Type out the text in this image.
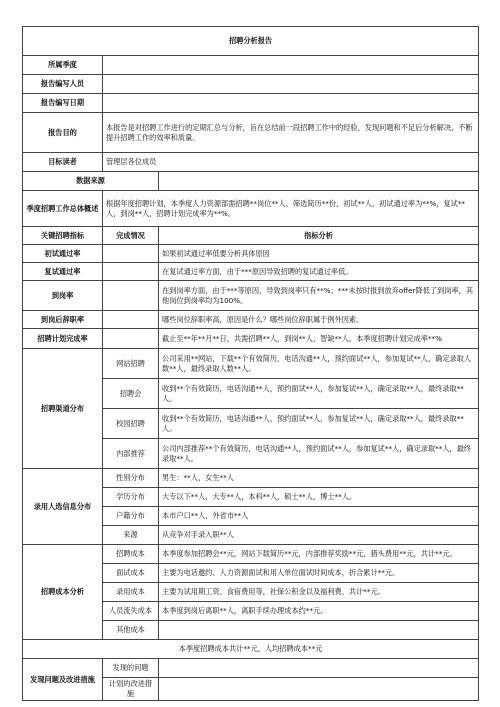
招聘分析报告		
所属季度		
报告编写人员		
报告编写日期		
报告目的	本报告是对招聘工作进行的定期汇总与分析，旨在总结前一段招聘工作中的经验，发现问题和不足后分析解决，不断提升招聘工作的效率和质量。	
目标读者	管理层各位成员	
数据来源		
季度招聘工作总体概述	根据年度招聘计划，本季度人力资源部需招聘**岗位**人，筛选简历**份，初试**人，初试通过率为**%，复试**人，到岗**人，招聘计划完成率为**%。	
关键招聘指标	完成情况	指标分析
初试通过率		如果初试通过率低要分析具体原因
复试通过率		在复试通过率方面，由于***原因导致招聘的复试通过率低。
到岗率		在到岗率方面，由于***等原因，导致到岗率只有**%；***未按时报到放弃offer降低了到岗率，其他岗位到岗率均为100%。
到岗后辞职率		哪些岗位辞职率高，原因是什么？哪些岗位辞职属于例外因素。
招聘计划完成率		截止至**年**月**日，共需招聘**人，到岗**人，智缺**人，本季度招聘计划完成率**%
招聘渠道分布	网站招聘	公司采用**网站，下载**个有效简历，电话沟通**人，预约面试**人，参加复试**人，确定录取人数**人，最终录取人数**人。
	招聘会	收到**个有效简历，电话沟通**人，预约面试**人，参加复试**人，确定录取**人，最终录取**人。
	校园招聘	收到**个有效简历，电话沟通**人，预约面试**人，参加复试**人，确定录取**人，最终录取**人。
	内部推荐	公司内部推荐**个有效简历，电话沟通**人，预约面试**人，参加复试**人，确定录取**人，最终录取**人。
录用人选信息分布	性别分布	男生：**人，女生**人
	学历分布	大专以下**人，大专**人，本科**人，硕士**人，博士**人。
	户籍分布	本市户口**人，外省市**人
	来源	从竞争对手录入职**人
招聘成本分析	招聘成本	本季度参加招聘会**元，网站下载简历**元，内部推荐奖励**元，猎头费用**元，共计**元。
	面试成本	主要为电话邀约、人力资源面试和用人单位面试时间成本，折合累计**元。
	录用成本	主要为试用期工资、食宿费用等，社保公积金以及福利费，共计**元。
	人员流失成本	本季度到岗后离职**人，离职手续办理成本约**元。
	其他成本	
本季度招聘成本共计**元，人均招聘成本**元		
发现问题及改进措施	发现的问题	
	计划的改进措施	
